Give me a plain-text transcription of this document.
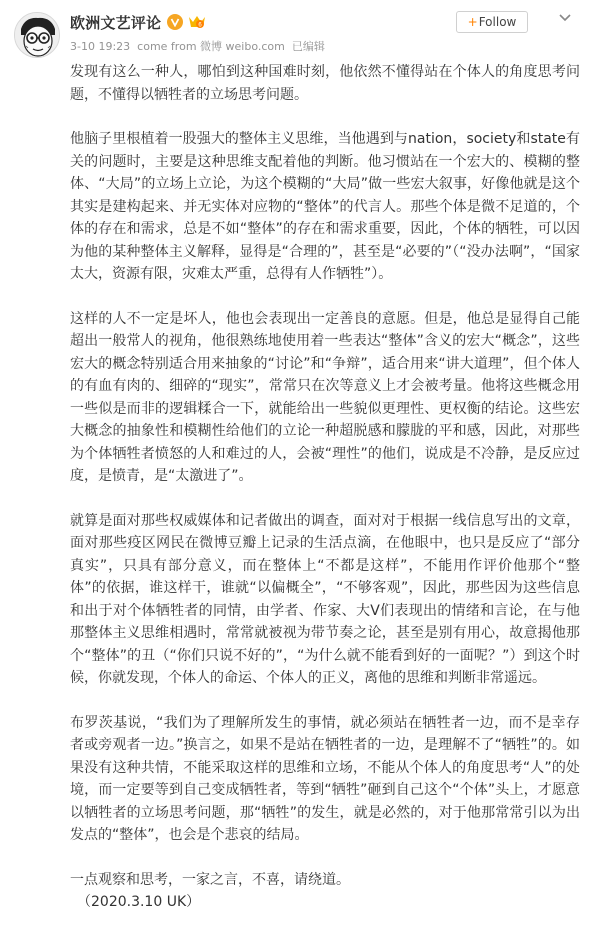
欧洲文艺评论	6
3-10 19:23 come from 微博 weibo.com 已编辑
+ Follow

发现有这么一种人，哪怕到这种国难时刻，他依然不懂得站在个体人的角度思考问题，不懂得以牺牲者的立场思考问题。

他脑子里根植着一股强大的整体主义思维，当他遇到与nation，society和state有关的问题时，主要是这种思维支配着他的判断。他习惯站在一个宏大的、模糊的整体、“大局”的立场上立论，为这个模糊的“大局”做一些宏大叙事，好像他就是这个其实是建构起来、并无实体对应物的“整体”的代言人。那些个体是微不足道的，个体的存在和需求，总是不如“整体”的存在和需求重要，因此，个体的牺牲，可以因为他的某种整体主义解释，显得是“合理的”，甚至是“必要的”（“没办法啊”，“国家太大，资源有限，灾难太严重，总得有人作牺牲”）。

这样的人不一定是坏人，他也会表现出一定善良的意愿。但是，他总是显得自己能超出一般常人的视角，他很熟练地使用着一些表达“整体”含义的宏大“概念”，这些宏大的概念特别适合用来抽象的“讨论”和“争辩”，适合用来“讲大道理”，但个体人的有血有肉的、细碎的“现实”，常常只在次等意义上才会被考量。他将这些概念用一些似是而非的逻辑糅合一下，就能给出一些貌似更理性、更权衡的结论。这些宏大概念的抽象性和模糊性给他们的立论一种超脱感和朦胧的平和感，因此，对那些为个体牺牲者愤怒的人和难过的人，会被“理性”的他们，说成是不冷静，是反应过度，是愤青，是“太激进了”。

就算是面对那些权威媒体和记者做出的调查，面对对于根据一线信息写出的文章，面对那些疫区网民在微博豆瓣上记录的生活点滴，在他眼中，也只是反应了“部分真实”，只具有部分意义，而在整体上“不都是这样”，不能用作评价他那个“整体”的依据，谁这样干，谁就“以偏概全”，“不够客观”，因此，那些因为这些信息和出于对个体牺牲者的同情，由学者、作家、大V们表现出的情绪和言论，在与他那整体主义思维相遇时，常常就被视为带节奏之论，甚至是别有用心，故意揭他那个“整体”的丑（“你们只说不好的”，“为什么就不能看到好的一面呢？”）到这个时候，你就发现，个体人的命运、个体人的正义，离他的思维和判断非常遥远。

布罗茨基说，“我们为了理解所发生的事情，就必须站在牺牲者一边，而不是幸存者或旁观者一边。”换言之，如果不是站在牺牲者的一边，是理解不了“牺牲”的。如果没有这种共情，不能采取这样的思维和立场，不能从个体人的角度思考“人”的处境，而一定要等到自己变成牺牲者，等到“牺牲”砸到自己这个“个体”头上，才愿意以牺牲者的立场思考问题，那“牺牲”的发生，就是必然的，对于他那常常引以为出发点的“整体”，也会是个悲哀的结局。

一点观察和思考，一家之言，不喜，请绕道。

（2020.3.10 UK）
